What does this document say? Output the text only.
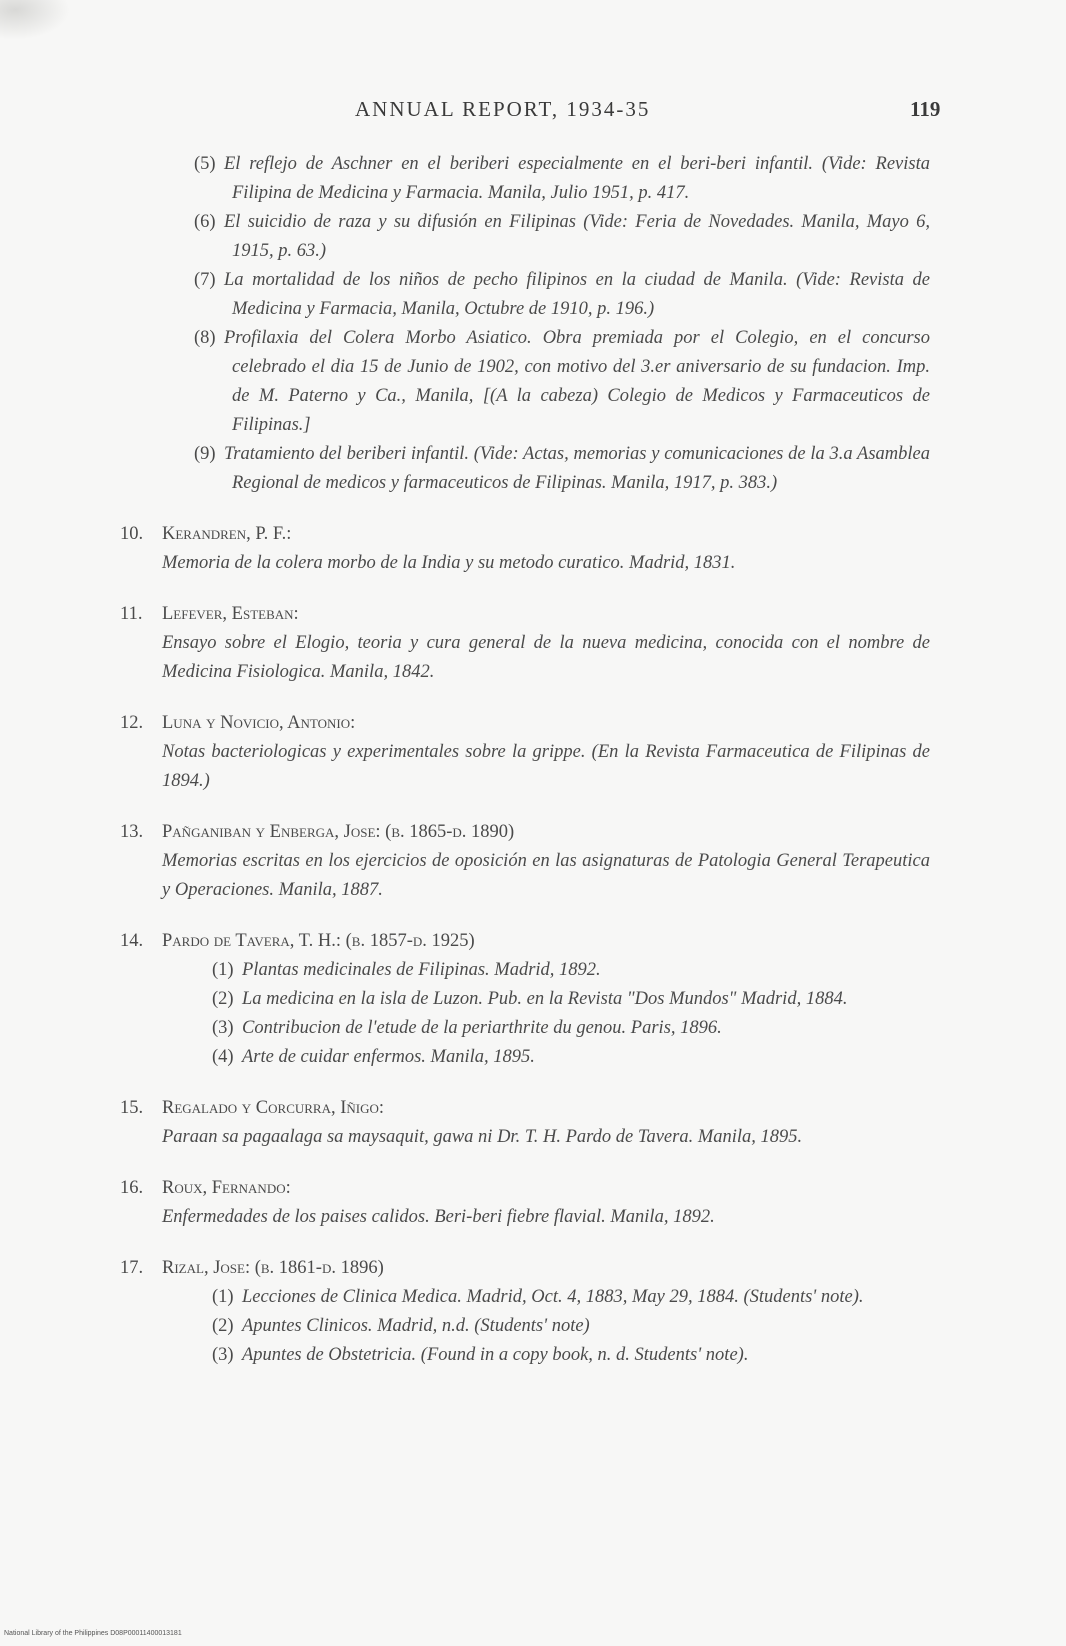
ANNUAL REPORT, 1934-35	119
(5) El reflejo de Aschner en el beriberi especialmente en el beri-beri infantil. (Vide: Revista Filipina de Medicina y Farmacia. Manila, Julio 1951, p. 417.
(6) El suicidio de raza y su difusión en Filipinas (Vide: Feria de Novedades. Manila, Mayo 6, 1915, p. 63.)
(7) La mortalidad de los niños de pecho filipinos en la ciudad de Manila. (Vide: Revista de Medicina y Farmacia, Manila, Octubre de 1910, p. 196.)
(8) Profilaxia del Colera Morbo Asiatico. Obra premiada por el Colegio, en el concurso celebrado el dia 15 de Junio de 1902, con motivo del 3.er aniversario de su fundacion. Imp. de M. Paterno y Ca., Manila, [(A la cabeza) Colegio de Medicos y Farmaceuticos de Filipinas.]
(9) Tratamiento del beriberi infantil. (Vide: Actas, memorias y comunicaciones de la 3.a Asamblea Regional de medicos y farmaceuticos de Filipinas. Manila, 1917, p. 383.)
10. Kerandren, P. F.:
Memoria de la colera morbo de la India y su metodo curatico. Madrid, 1831.
11. Lefever, Esteban:
Ensayo sobre el Elogio, teoria y cura general de la nueva medicina, conocida con el nombre de Medicina Fisiologica. Manila, 1842.
12. Luna y Novicio, Antonio:
Notas bacteriologicas y experimentales sobre la grippe. (En la Revista Farmaceutica de Filipinas de 1894.)
13. Pañganiban y Enberga, Jose: (b. 1865-d. 1890)
Memorias escritas en los ejercicios de oposición en las asignaturas de Patologia General Terapeutica y Operaciones. Manila, 1887.
14. Pardo de Tavera, T. H.: (b. 1857-d. 1925)
(1) Plantas medicinales de Filipinas. Madrid, 1892.
(2) La medicina en la isla de Luzon. Pub. en la Revista "Dos Mundos" Madrid, 1884.
(3) Contribucion de l'etude de la periarthrite du genou. Paris, 1896.
(4) Arte de cuidar enfermos. Manila, 1895.
15. Regalado y Corcurra, Iñigo:
Paraan sa pagaalaga sa maysaquit, gawa ni Dr. T. H. Pardo de Tavera. Manila, 1895.
16. Roux, Fernando:
Enfermedades de los paises calidos. Beri-beri fiebre flavial. Manila, 1892.
17. Rizal, Jose: (b. 1861-d. 1896)
(1) Lecciones de Clinica Medica. Madrid, Oct. 4, 1883, May 29, 1884. (Students' note).
(2) Apuntes Clinicos. Madrid, n.d. (Students' note)
(3) Apuntes de Obstetricia. (Found in a copy book, n. d. Students' note).
National Library of the Philippines D08P00011400013181
